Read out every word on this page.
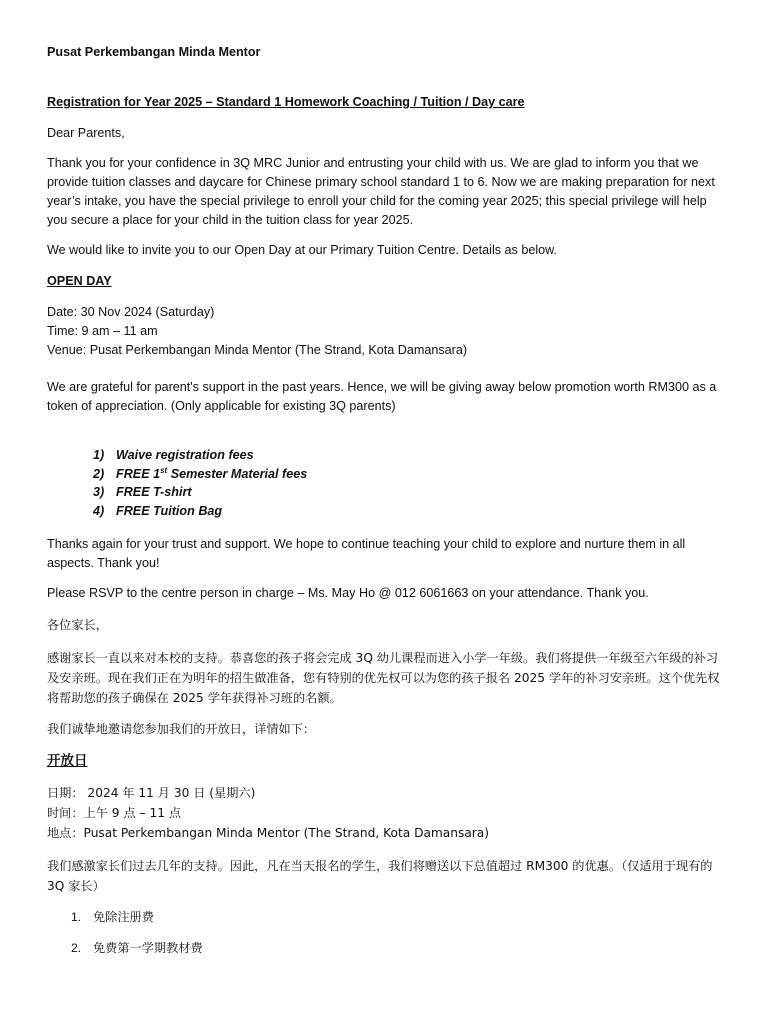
Pusat Perkembangan Minda Mentor

Registration for Year 2025 – Standard 1 Homework Coaching / Tuition / Day care

Dear Parents,

Thank you for your confidence in 3Q MRC Junior and entrusting your child with us. We are glad to inform you that we provide tuition classes and daycare for Chinese primary school standard 1 to 6. Now we are making preparation for next year’s intake, you have the special privilege to enroll your child for the coming year 2025; this special privilege will help you secure a place for your child in the tuition class for year 2025.

We would like to invite you to our Open Day at our Primary Tuition Centre. Details as below.

OPEN DAY

Date: 30 Nov 2024 (Saturday)

Time: 9 am – 11 am

Venue: Pusat Perkembangan Minda Mentor (The Strand, Kota Damansara)

We are grateful for parent's support in the past years. Hence, we will be giving away below promotion worth RM300 as a token of appreciation. (Only applicable for existing 3Q parents)

1) Waive registration fees
2) FREE 1st Semester Material fees
3) FREE T-shirt
4) FREE Tuition Bag

Thanks again for your trust and support. We hope to continue teaching your child to explore and nurture them in all aspects. Thank you!

Please RSVP to the centre person in charge – Ms. May Ho @ 012 6061663 on your attendance. Thank you.

各位家长，

感谢家长一直以来对本校的支持。恭喜您的孩子将会完成 3Q 幼儿课程而进入小学一年级。我们将提供一年级至六年级的补习及安亲班。现在我们正在为明年的招生做准备，您有特别的优先权可以为您的孩子报名 2025 学年的补习安亲班。这个优先权将帮助您的孩子确保在 2025 学年获得补习班的名额。

我们诚挚地邀请您参加我们的开放日，详情如下：

开放日

日期： 2024 年 11 月 30 日 (星期六)

时间：上午 9 点 – 11 点

地点：Pusat Perkembangan Minda Mentor (The Strand, Kota Damansara)

我们感激家长们过去几年的支持。因此，凡在当天报名的学生，我们将赠送以下总值超过 RM300 的优惠。（仅适用于现有的 3Q 家长）

1. 免除注册费
2. 免费第一学期教材费
